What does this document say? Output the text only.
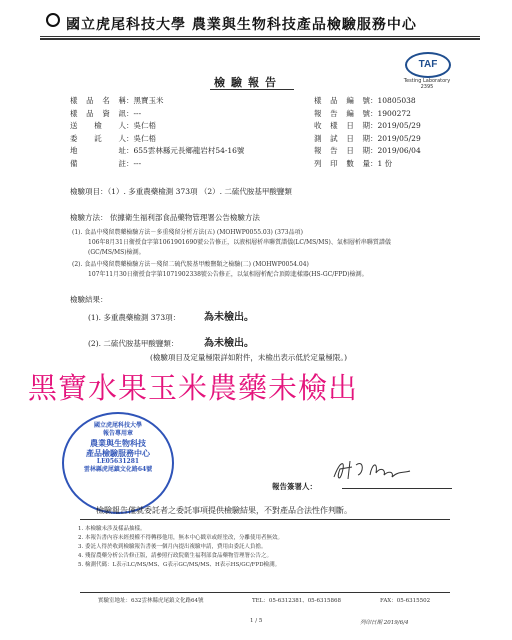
國立虎尾科技大學 農業與生物科技產品檢驗服務中心
檢驗報告
TAF
Testing Laboratory 2395
樣品名稱：黑寶玉米
樣品資訊：---
送檢人：吳仁梧
委託人：吳仁梧
地址：655雲林縣元長鄉龍岩村54-16號
備註：---
樣品編號：10805038
報告編號：1900272
收樣日期：2019/05/29
測試日期：2019/05/29
報告日期：2019/06/04
列印數量：1 份
檢驗項目：（1）. 多重農藥檢測 373項 （2）. 二硫代胺基甲酸鹽類
檢驗方法： 依據衛生福利部食品藥物管理署公告檢驗方法
(1). 食品中殘留農藥檢驗方法－多重殘留分析方法(五) (MOHWP0055.03) (373品項)
106年8月31日衛授食字第1061901690號公告修正，以液相層析串聯質譜儀(LC/MS/MS)、氣相層析串聯質譜儀
(GC/MS/MS)檢測。
(2). 食品中殘留農藥檢驗方法－殘留二硫代胺基甲酸鹽類之檢驗(二) (MOHWP0054.04)
107年11月30日衛授食字第1071902338號公告修正，以氣相層析配合頂隙進樣器(HS-GC/FPD)檢測。
檢驗結果：
(1). 多重農藥檢測 373項： 為未檢出。
(2). 二硫代胺基甲酸鹽類：	為未檢出。
(檢驗項目及定量極限詳如附件，未檢出表示低於定量極限。)
黑寶水果玉米農藥未檢出
國立虎尾科技大學
報告專用章
農業與生物科技
產品檢驗服務中心
LE05631281
雲林縣虎尾鎮文化路64號
報告簽署人：
檢驗報告僅就委託者之委託事項提供檢驗結果，不對產品合法性作判斷。
1. 本檢驗未涉及樣品抽樣。
2. 本報告書內容未經授權不得轉移他用，無本中心戳章或經塗改，分離使用者無效。
3. 委託人得於收到檢驗報告書後一個月內提出複驗申請，費用由委託人負擔。
4. 殘留農藥分析公告修正版，請參照行政院衛生福利部食品藥物管理署公告之。
5. 檢測代碼：L表示LC/MS/MS、G表示GC/MS/MS、H表示HS/GC/FPD檢測。
實驗室地址：632雲林縣虎尾鎮文化路64號	TEL：05-6312381、05-6315868	FAX：05-6315502
1 / 5	列印日期 2019/6/4
